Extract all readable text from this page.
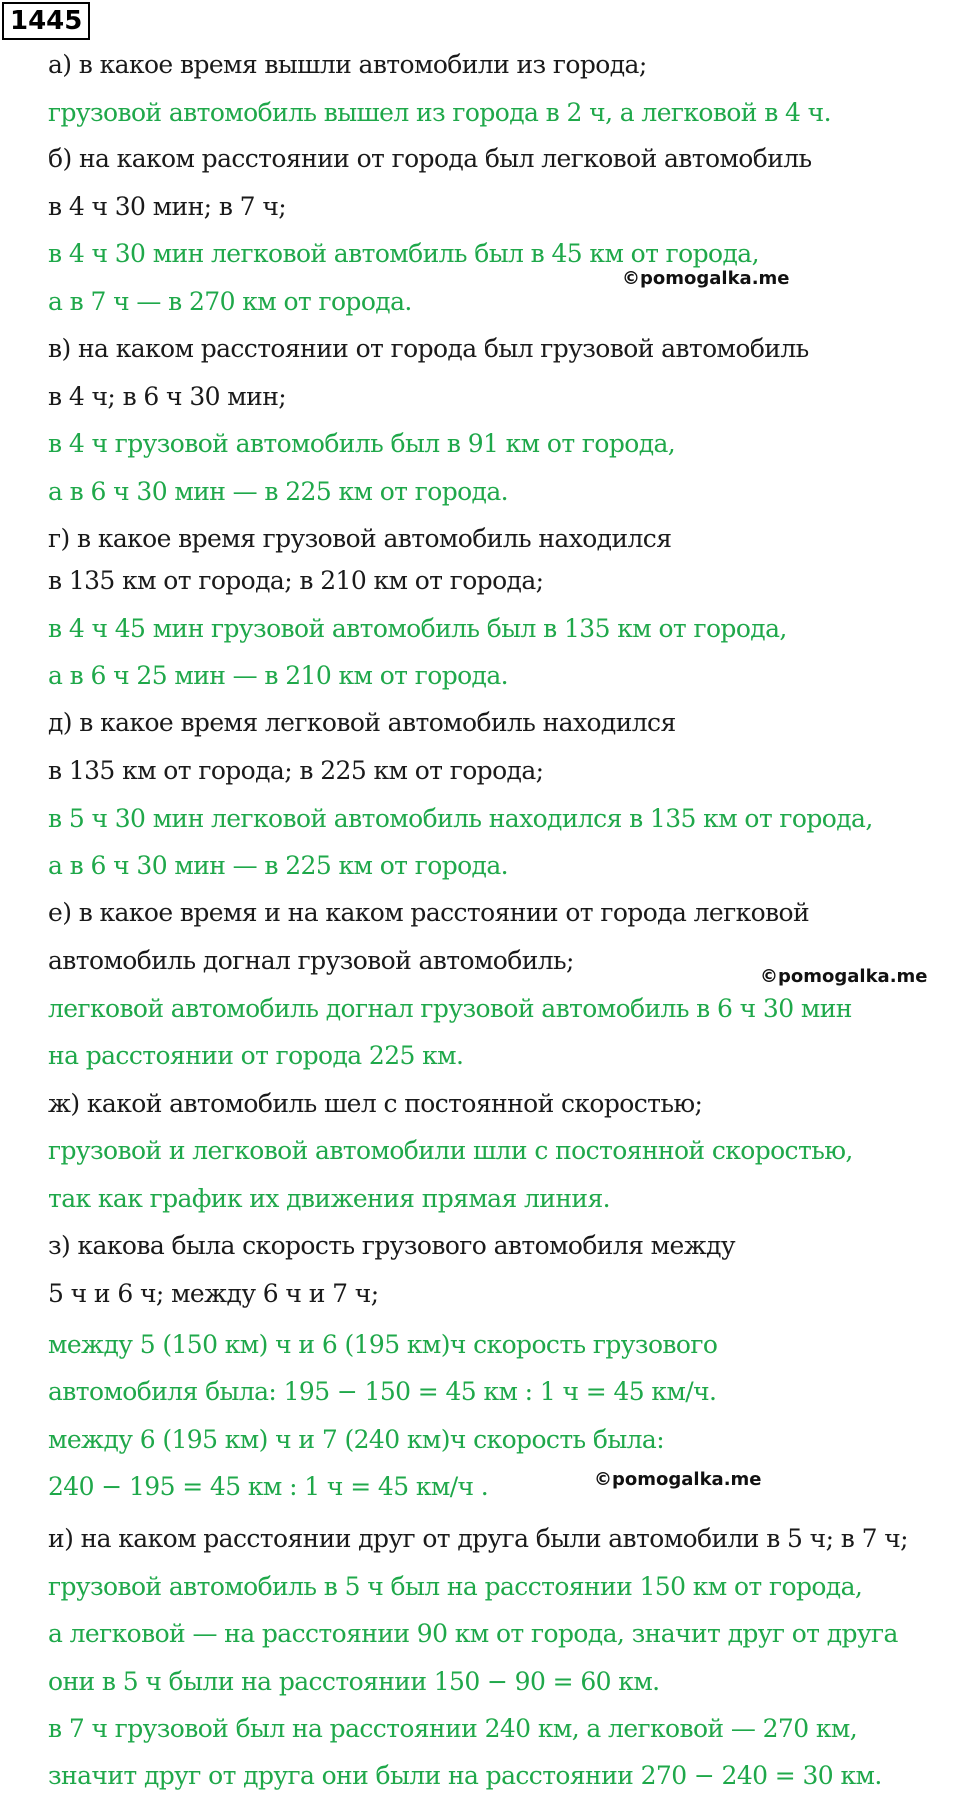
1445
а) в какое время вышли автомобили из города;
грузовой автомобиль вышел из города в 2 ч, а легковой в 4 ч.
б) на каком расстоянии от города был легковой автомобиль
в 4 ч 30 мин; в 7 ч;
в 4 ч 30 мин легковой автомбиль был в 45 км от города,
а в 7 ч — в 270 км от города.
в) на каком расстоянии от города был грузовой автомобиль
в 4 ч; в 6 ч 30 мин;
в 4 ч грузовой автомобиль был в 91 км от города,
а в 6 ч 30 мин — в 225 км от города.
г) в какое время грузовой автомобиль находился
в 135 км от города; в 210 км от города;
в 4 ч 45 мин грузовой автомобиль был в 135 км от города,
а в 6 ч 25 мин — в 210 км от города.
д) в какое время легковой автомобиль находился
в 135 км от города; в 225 км от города;
в 5 ч 30 мин легковой автомобиль находился в 135 км от города,
а в 6 ч 30 мин — в 225 км от города.
е) в какое время и на каком расстоянии от города легковой
автомобиль догнал грузовой автомобиль;
легковой автомобиль догнал грузовой автомобиль в 6 ч 30 мин
на расстоянии от города 225 км.
ж) какой автомобиль шел с постоянной скоростью;
грузовой и легковой автомобили шли с постоянной скоростью,
так как график их движения прямая линия.
з) какова была скорость грузового автомобиля между
5 ч и 6 ч; между 6 ч и 7 ч;
между 5 (150 км) ч и 6 (195 км)ч скорость грузового
автомобиля была: 195 − 150 = 45 км : 1 ч = 45 км/ч.
между 6 (195 км) ч и 7 (240 км)ч скорость была:
240 − 195 = 45 км : 1 ч = 45 км/ч .
и) на каком расстоянии друг от друга были автомобили в 5 ч; в 7 ч;
грузовой автомобиль в 5 ч был на расстоянии 150 км от города,
а легковой — на расстоянии 90 км от города, значит друг от друга
они в 5 ч были на расстоянии 150 − 90 = 60 км.
в 7 ч грузовой был на расстоянии 240 км, а легковой — 270 км,
значит друг от друга они были на расстоянии 270 − 240 = 30 км.
©pomogalka.me
©pomogalka.me
©pomogalka.me
